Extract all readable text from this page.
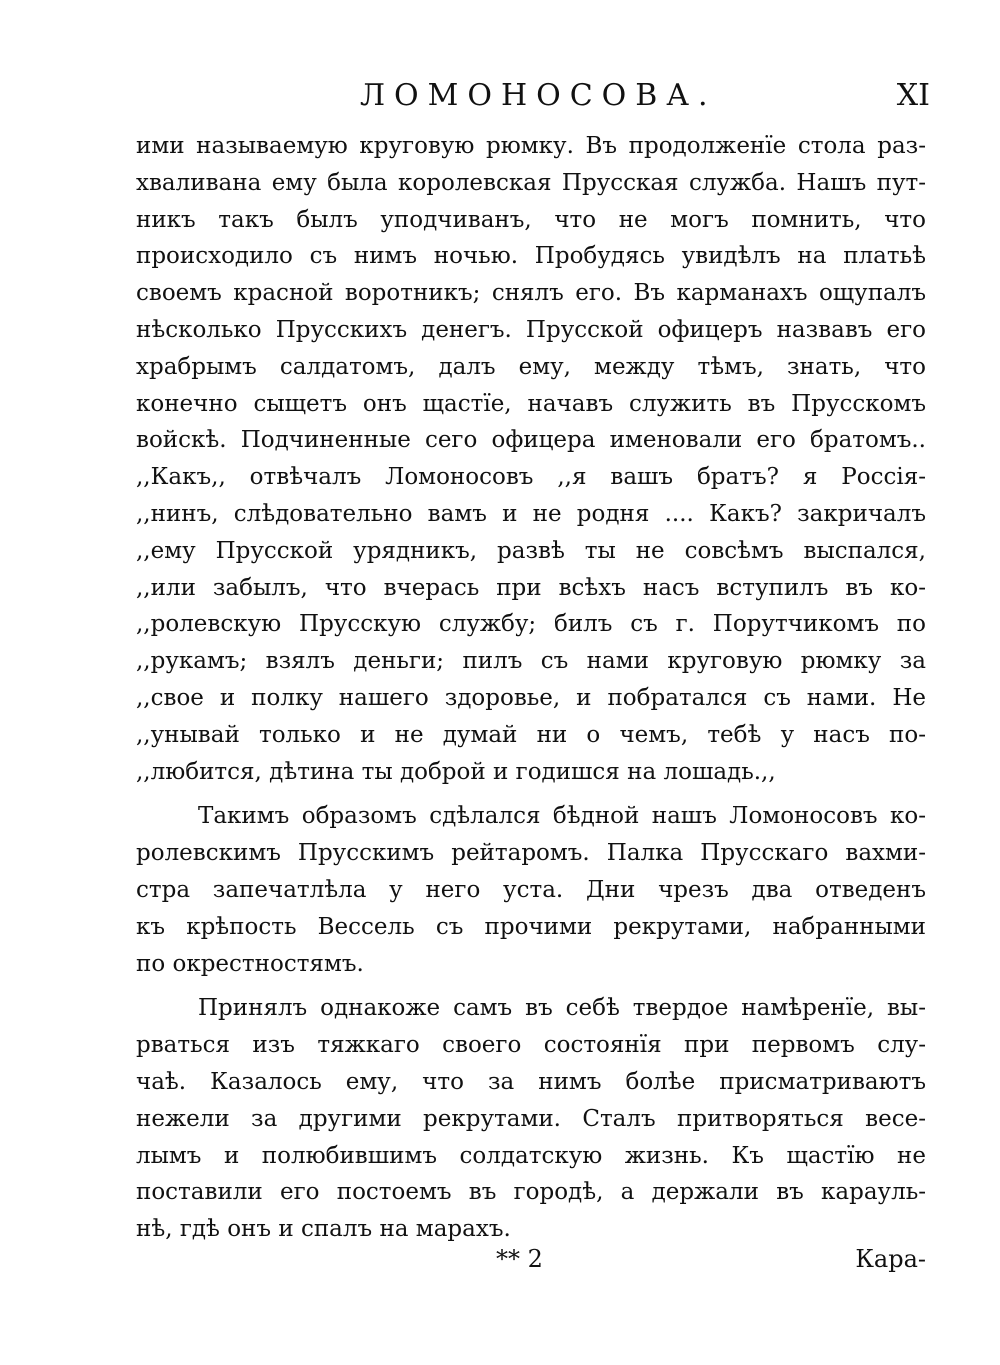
ЛОМОНОСОВА.	XI
ими называемую круговую рюмку. Въ продолженїе стола раз-
хваливана ему была королевская Прусская служба. Нашъ пут-
никъ такъ былъ уподчиванъ, что не могъ помнить, что
происходило съ нимъ ночью. Пробудясь увидѣлъ на платьѣ
своемъ красной воротникъ; снялъ его. Въ карманахъ ощупалъ
нѣсколько Прусскихъ денегъ. Прусской офицеръ назвавъ его
храбрымъ салдатомъ, далъ ему, между тѣмъ, знать, что
конечно сыщетъ онъ щастїе, начавъ служить въ Прусскомъ
войскѣ. Подчиненные сего офицера именовали его братомъ..
,,Какъ,, отвѣчалъ Ломоносовъ ,,я вашъ братъ? я Россія-
,,нинъ, слѣдовательно вамъ и не родня .... Какъ? закричалъ
,,ему Прусской урядникъ, развѣ ты не совсѣмъ выспался,
,,или забылъ, что вчерась при всѣхъ насъ вступилъ въ ко-
,,ролевскую Прусскую службу; билъ съ г. Порутчикомъ по
,,рукамъ; взялъ деньги; пилъ съ нами круговую рюмку за
,,свое и полку нашего здоровье, и побратался съ нами. Не
,,унывай только и не думай ни о чемъ, тебѣ у насъ по-
,,любится, дѣтина ты доброй и годишся на лошадь.,,
Такимъ образомъ сдѣлался бѣдной нашъ Ломоносовъ ко-
ролевскимъ Прусскимъ рейтаромъ. Палка Прусскаго вахми-
стра запечатлѣла у него уста. Дни чрезъ два отведенъ
къ крѣпость Вессель съ прочими рекрутами, набранными
по окрестностямъ.
Принялъ однакоже самъ въ себѣ твердое намѣренїе, вы-
рваться изъ тяжкаго своего состоянїя при первомъ слу-
чаѣ. Казалось ему, что за нимъ болѣе присматриваютъ
нежели за другими рекрутами. Сталъ притворяться весе-
лымъ и полюбившимъ солдатскую жизнь. Къ щастїю не
поставили его постоемъ въ городѣ, а держали въ карауль-
нѣ, гдѣ онъ и спалъ на марахъ.
** 2	Кара-
